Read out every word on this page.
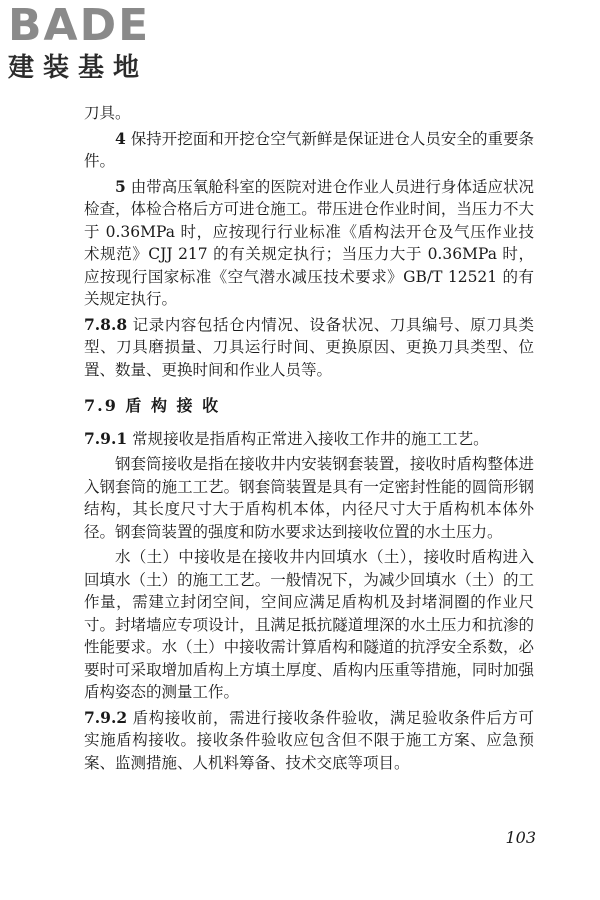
BADE
建装基地

刀具。

4 保持开挖面和开挖仓空气新鲜是保证进仓人员安全的重要条件。

5 由带高压氧舱科室的医院对进仓作业人员进行身体适应状况检查，体检合格后方可进仓施工。带压进仓作业时间，当压力不大于 0.36MPa 时，应按现行行业标准《盾构法开仓及气压作业技术规范》CJJ 217 的有关规定执行；当压力大于 0.36MPa 时，应按现行国家标准《空气潜水减压技术要求》GB/T 12521 的有关规定执行。

7.8.8 记录内容包括仓内情况、设备状况、刀具编号、原刀具类型、刀具磨损量、刀具运行时间、更换原因、更换刀具类型、位置、数量、更换时间和作业人员等。

7.9 盾 构 接 收

7.9.1 常规接收是指盾构正常进入接收工作井的施工工艺。

钢套筒接收是指在接收井内安装钢套装置，接收时盾构整体进入钢套筒的施工工艺。钢套筒装置是具有一定密封性能的圆筒形钢结构，其长度尺寸大于盾构机本体，内径尺寸大于盾构机本体外径。钢套筒装置的强度和防水要求达到接收位置的水土压力。

水（土）中接收是在接收井内回填水（土），接收时盾构进入回填水（土）的施工工艺。一般情况下，为减少回填水（土）的工作量，需建立封闭空间，空间应满足盾构机及封堵洞圈的作业尺寸。封堵墙应专项设计，且满足抵抗隧道埋深的水土压力和抗渗的性能要求。水（土）中接收需计算盾构和隧道的抗浮安全系数，必要时可采取增加盾构上方填土厚度、盾构内压重等措施，同时加强盾构姿态的测量工作。

7.9.2 盾构接收前，需进行接收条件验收，满足验收条件后方可实施盾构接收。接收条件验收应包含但不限于施工方案、应急预案、监测措施、人机料筹备、技术交底等项目。

103
